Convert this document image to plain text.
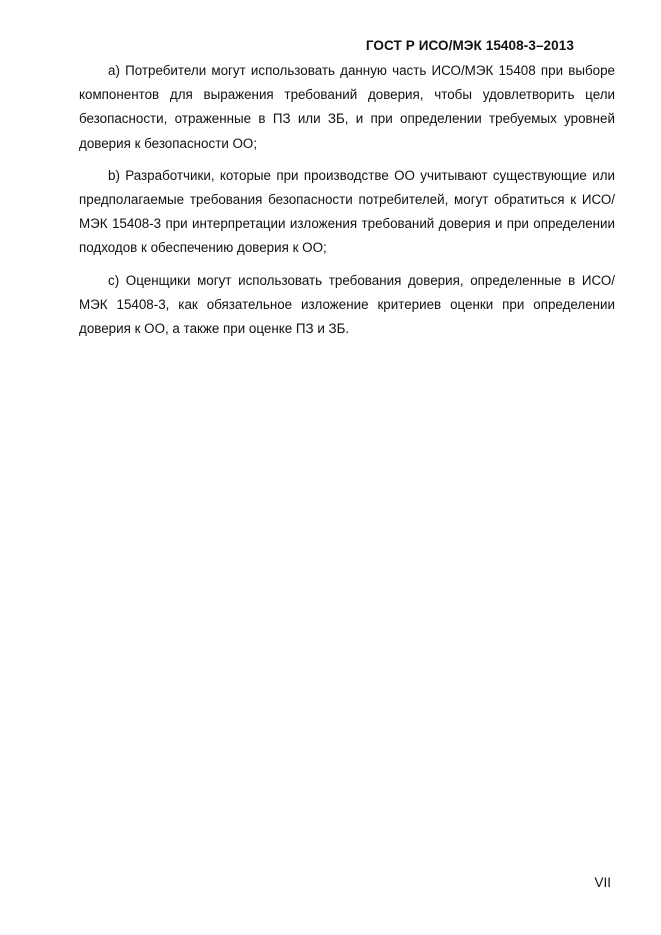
ГОСТ Р ИСО/МЭК 15408-3–2013

a) Потребители могут использовать данную часть ИСО/МЭК 15408 при выборе компонентов для выражения требований доверия, чтобы удовлетворить цели безопасности, отраженные в ПЗ или ЗБ, и при определении требуемых уровней доверия к безопасности ОО;

b) Разработчики, которые при производстве ОО учитывают существующие или предполагаемые требования безопасности потребителей, могут обратиться к ИСО/МЭК 15408-3 при интерпретации изложения требований доверия и при определении подходов к обеспечению доверия к ОО;

c) Оценщики могут использовать требования доверия, определенные в ИСО/МЭК 15408-3, как обязательное изложение критериев оценки при определении доверия к ОО, а также при оценке ПЗ и ЗБ.

VII
